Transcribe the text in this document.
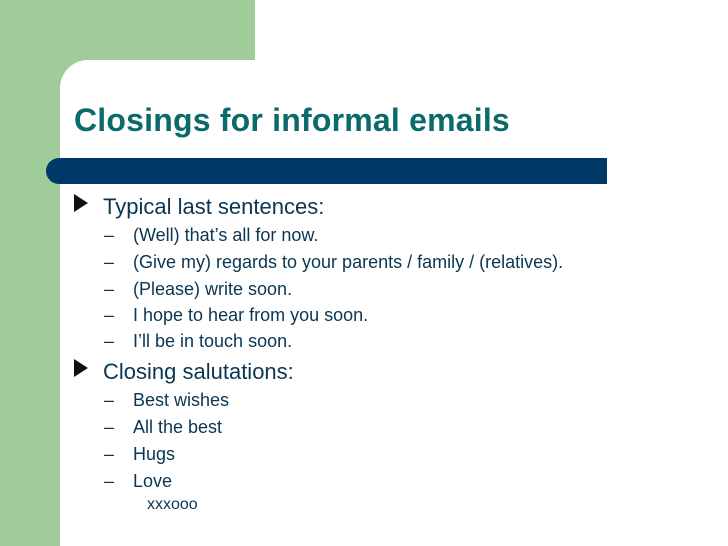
Closings for informal emails
Typical last sentences:
– (Well) that’s all for now.
– (Give my) regards to your parents / family / (relatives).
– (Please) write soon.
– I hope to hear from you soon.
– I’ll be in touch soon.
Closing salutations:
– Best wishes
– All the best
– Hugs
– Love
xxxooo
